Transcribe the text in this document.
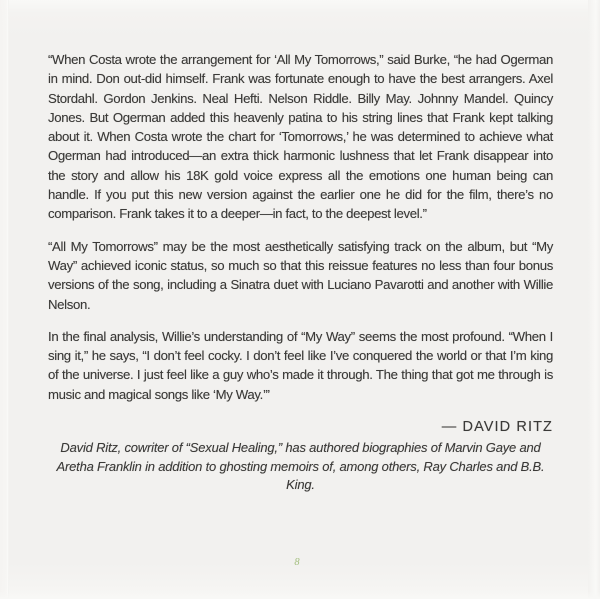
“When Costa wrote the arrangement for ‘All My Tomorrows,” said Burke, “he had Ogerman in mind. Don out-did himself. Frank was fortunate enough to have the best arrangers. Axel Stordahl. Gordon Jenkins. Neal Hefti. Nelson Riddle. Billy May. Johnny Mandel. Quincy Jones. But Ogerman added this heavenly patina to his string lines that Frank kept talking about it. When Costa wrote the chart for ‘Tomorrows,’ he was determined to achieve what Ogerman had introduced—an extra thick harmonic lushness that let Frank disappear into the story and allow his 18K gold voice express all the emotions one human being can handle. If you put this new version against the earlier one he did for the film, there’s no comparison. Frank takes it to a deeper—in fact, to the deepest level.”

“All My Tomorrows” may be the most aesthetically satisfying track on the album, but “My Way” achieved iconic status, so much so that this reissue features no less than four bonus versions of the song, including a Sinatra duet with Luciano Pavarotti and another with Willie Nelson.

In the final analysis, Willie’s understanding of “My Way” seems the most profound. “When I sing it,” he says, “I don’t feel cocky. I don’t feel like I’ve conquered the world or that I’m king of the universe. I just feel like a guy who’s made it through. The thing that got me through is music and magical songs like ‘My Way.’”

— DAVID RITZ

David Ritz, cowriter of “Sexual Healing,” has authored biographies of Marvin Gaye and Aretha Franklin in addition to ghosting memoirs of, among others, Ray Charles and B.B. King.

8
